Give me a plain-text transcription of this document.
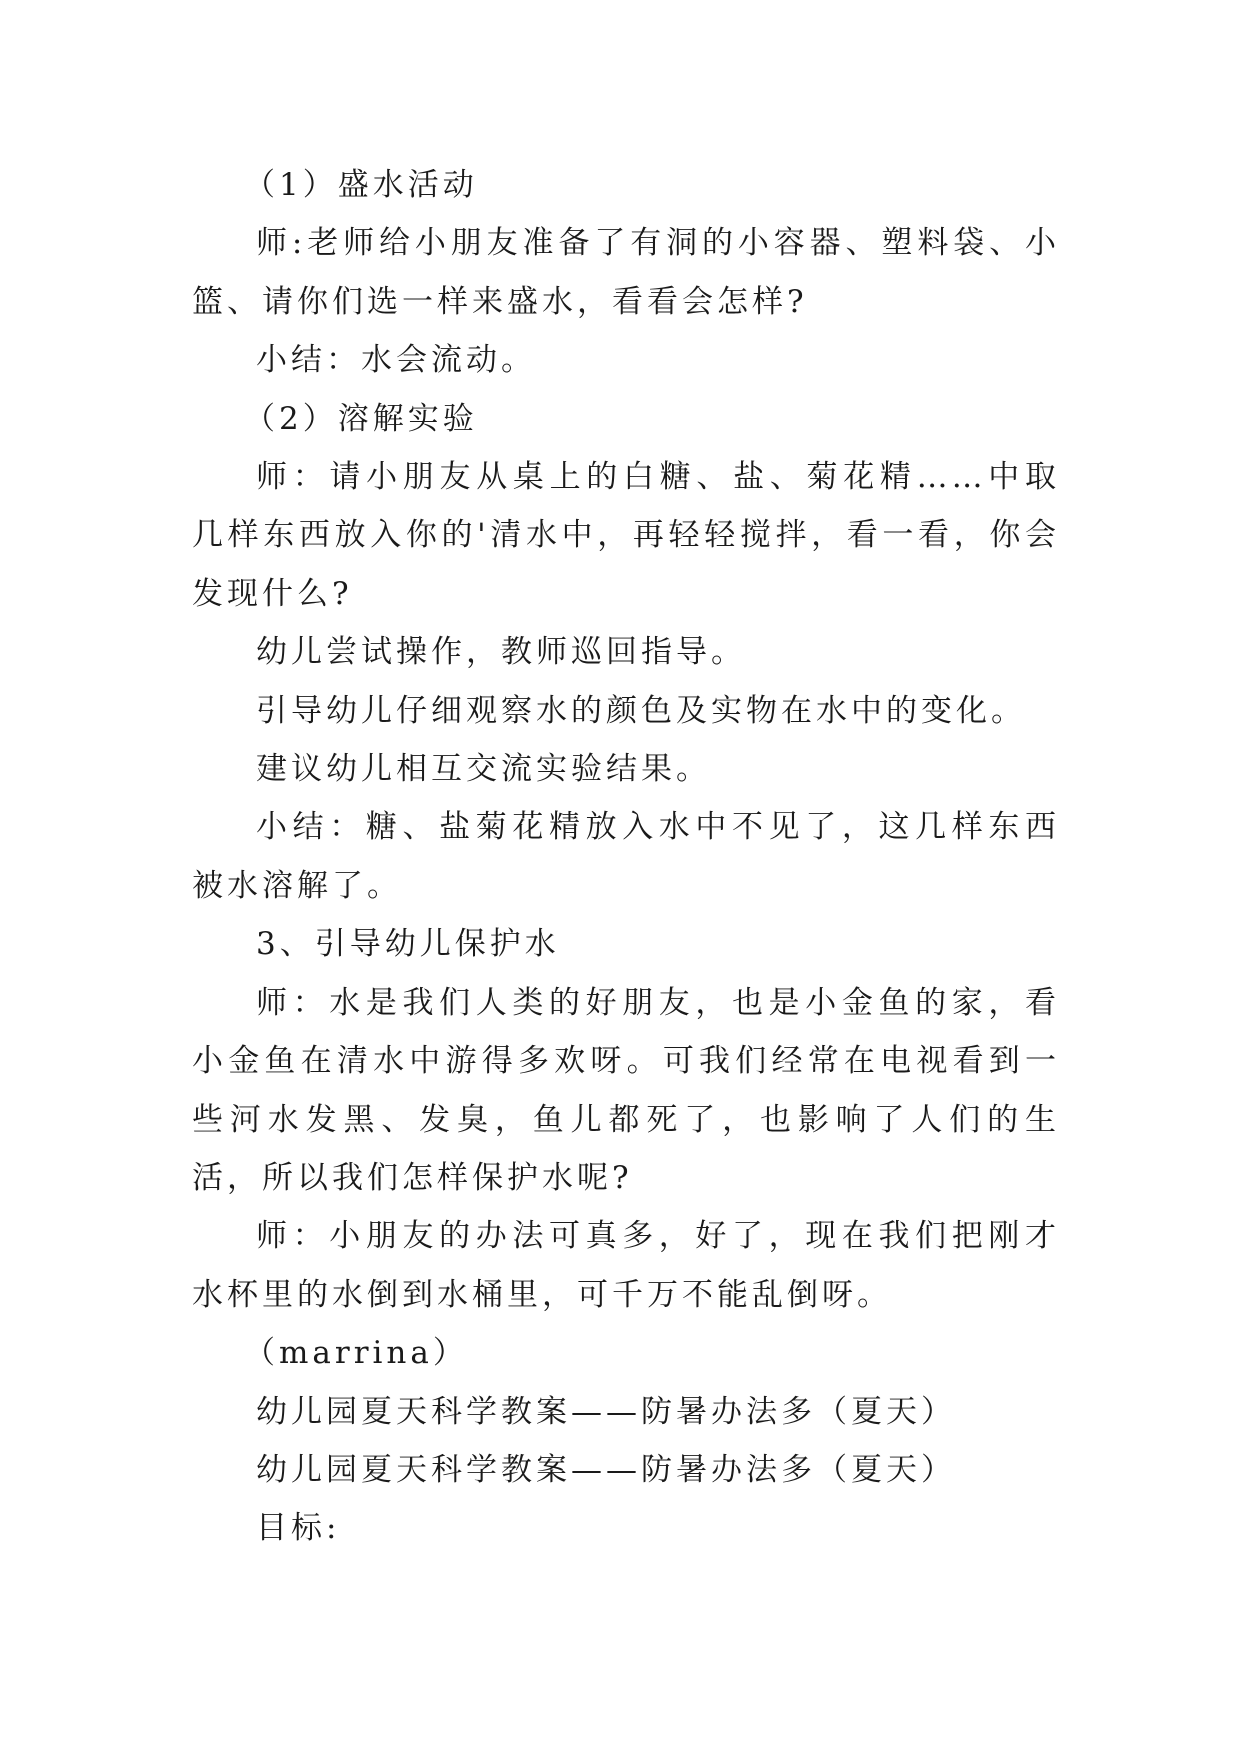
（1）盛水活动

师:老师给小朋友准备了有洞的小容器、塑料袋、小篮、请你们选一样来盛水，看看会怎样?

小结：水会流动。

（2）溶解实验

师：请小朋友从桌上的白糖、盐、菊花精……中取几样东西放入你的'清水中，再轻轻搅拌，看一看，你会发现什么?

幼儿尝试操作，教师巡回指导。

引导幼儿仔细观察水的颜色及实物在水中的变化。

建议幼儿相互交流实验结果。

小结：糖、盐菊花精放入水中不见了，这几样东西被水溶解了。

3、引导幼儿保护水

师：水是我们人类的好朋友，也是小金鱼的家，看小金鱼在清水中游得多欢呀。可我们经常在电视看到一些河水发黑、发臭，鱼儿都死了，也影响了人们的生活，所以我们怎样保护水呢?

师：小朋友的办法可真多，好了，现在我们把刚才水杯里的水倒到水桶里，可千万不能乱倒呀。

（marrina）

幼儿园夏天科学教案——防暑办法多（夏天）

幼儿园夏天科学教案——防暑办法多（夏天）

目标:
